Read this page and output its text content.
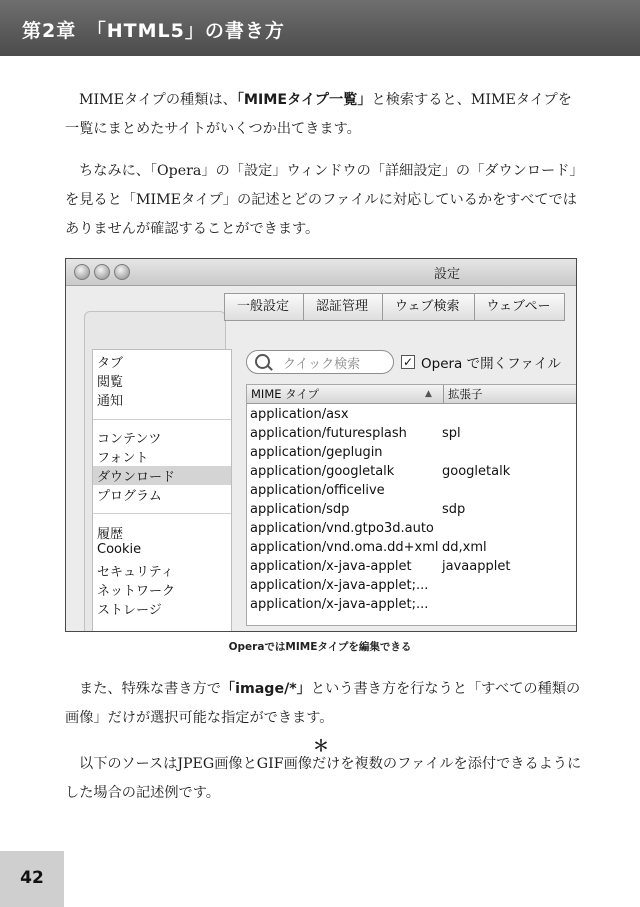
第2章　「HTML5」の書き方

MIMEタイプの種類は、「MIMEタイプ一覧」と検索すると、MIMEタイプを一覧にまとめたサイトがいくつか出てきます。

ちなみに、「Opera」の「設定」ウィンドウの「詳細設定」の「ダウンロード」を見ると「MIMEタイプ」の記述とどのファイルに対応しているかをすべてではありませんが確認することができます。

設定
一般設定	認証管理	ウェブ検索	ウェブペー
タブ
閲覧
通知
コンテンツ
フォント
ダウンロード
プログラム
履歴
Cookie
セキュリティ
ネットワーク
ストレージ
クイック検索	✓ Opera で開くファイル
MIME タイプ	▲	拡張子
application/asx
application/futuresplash	spl
application/geplugin
application/googletalk	googletalk
application/officelive
application/sdp	sdp
application/vnd.gtpo3d.auto
application/vnd.oma.dd+xml dd,xml
application/x-java-applet javaapplet
application/x-java-applet;...
application/x-java-applet;...
OperaではMIMEタイプを編集できる

また、特殊な書き方で「image/*」という書き方を行なうと「すべての種類の画像」だけが選択可能な指定ができます。

＊

以下のソースはJPEG画像とGIF画像だけを複数のファイルを添付できるようにした場合の記述例です。

42
